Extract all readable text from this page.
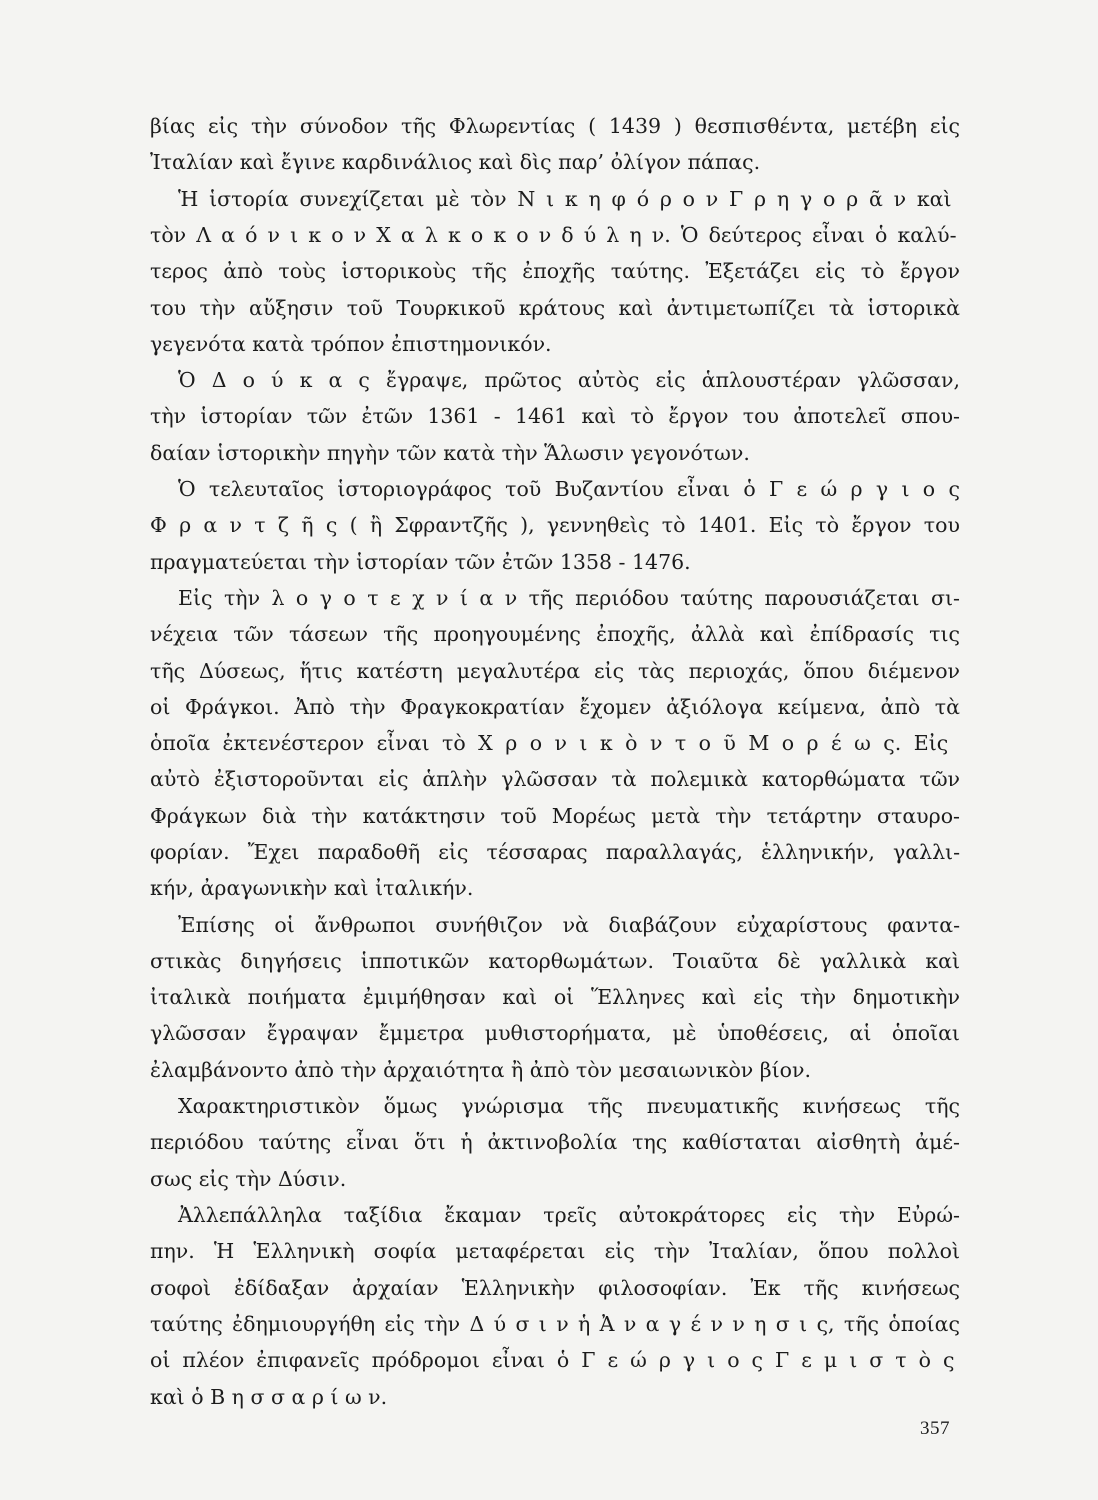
βίας εἰς τὴν σύνοδον τῆς Φλωρεντίας ( 1439 ) θεσπισθέντα, μετέβη εἰς
Ἰταλίαν καὶ ἔγινε καρδινάλιος καὶ δὶς παρ’ ὀλίγον πάπας.
Ἡ ἱστορία συνεχίζεται μὲ τὸν Ν ι κ η φ ό ρ ο ν Γ ρ η γ ο ρ ᾶ ν καὶ
τὸν Λ α ό ν ι κ ο ν Χ α λ κ ο κ ο ν δ ύ λ η ν. Ὁ δεύτερος εἶναι ὁ καλύ-
τερος ἀπὸ τοὺς ἱστορικοὺς τῆς ἐποχῆς ταύτης. Ἐξετάζει εἰς τὸ ἔργον
του τὴν αὔξησιν τοῦ Τουρκικοῦ κράτους καὶ ἀντιμετωπίζει τὰ ἱστορικὰ
γεγενότα κατὰ τρόπον ἐπιστημονικόν.
Ὁ Δ ο ύ κ α ς ἔγραψε, πρῶτος αὐτὸς εἰς ἁπλουστέραν γλῶσσαν,
τὴν ἱστορίαν τῶν ἐτῶν 1361 - 1461 καὶ τὸ ἔργον του ἀποτελεῖ σπου-
δαίαν ἱστορικὴν πηγὴν τῶν κατὰ τὴν Ἅλωσιν γεγονότων.
Ὁ τελευταῖος ἱστοριογράφος τοῦ Βυζαντίου εἶναι ὁ Γ ε ώ ρ γ ι ο ς
Φ ρ α ν τ ζ ῆ ς ( ἢ Σφραντζῆς ), γεννηθεὶς τὸ 1401. Εἰς τὸ ἔργον του
πραγματεύεται τὴν ἱστορίαν τῶν ἐτῶν 1358 - 1476.
Εἰς τὴν λ ο γ ο τ ε χ ν ί α ν τῆς περιόδου ταύτης παρουσιάζεται σι-
νέχεια τῶν τάσεων τῆς προηγουμένης ἐποχῆς, ἀλλὰ καὶ ἐπίδρασίς τις
τῆς Δύσεως, ἥτις κατέστη μεγαλυτέρα εἰς τὰς περιοχάς, ὅπου διέμενον
οἱ Φράγκοι. Ἀπὸ τὴν Φραγκοκρατίαν ἔχομεν ἀξιόλογα κείμενα, ἀπὸ τὰ
ὁποῖα ἐκτενέστερον εἶναι τὸ Χ ρ ο ν ι κ ὸ ν τ ο ῦ Μ ο ρ έ ω ς. Εἰς
αὐτὸ ἐξιστοροῦνται εἰς ἁπλὴν γλῶσσαν τὰ πολεμικὰ κατορθώματα τῶν
Φράγκων διὰ τὴν κατάκτησιν τοῦ Μορέως μετὰ τὴν τετάρτην σταυρο-
φορίαν. Ἔχει παραδοθῆ εἰς τέσσαρας παραλλαγάς, ἑλληνικήν, γαλλι-
κήν, ἀραγωνικὴν καὶ ἰταλικήν.
Ἐπίσης οἱ ἄνθρωποι συνήθιζον νὰ διαβάζουν εὐχαρίστους φαντα-
στικὰς διηγήσεις ἱπποτικῶν κατορθωμάτων. Τοιαῦτα δὲ γαλλικὰ καὶ
ἰταλικὰ ποιήματα ἐμιμήθησαν καὶ οἱ Ἕλληνες καὶ εἰς τὴν δημοτικὴν
γλῶσσαν ἔγραψαν ἔμμετρα μυθιστορήματα, μὲ ὑποθέσεις, αἱ ὁποῖαι
ἐλαμβάνοντο ἀπὸ τὴν ἀρχαιότητα ἢ ἀπὸ τὸν μεσαιωνικὸν βίον.
Χαρακτηριστικὸν ὅμως γνώρισμα τῆς πνευματικῆς κινήσεως τῆς
περιόδου ταύτης εἶναι ὅτι ἡ ἀκτινοβολία της καθίσταται αἰσθητὴ ἀμέ-
σως εἰς τὴν Δύσιν.
Ἀλλεπάλληλα ταξίδια ἔκαμαν τρεῖς αὐτοκράτορες εἰς τὴν Εὐρώ-
πην. Ἡ Ἑλληνικὴ σοφία μεταφέρεται εἰς τὴν Ἰταλίαν, ὅπου πολλοὶ
σοφοὶ ἐδίδαξαν ἀρχαίαν Ἑλληνικὴν φιλοσοφίαν. Ἐκ τῆς κινήσεως
ταύτης ἐδημιουργήθη εἰς τὴν Δ ύ σ ι ν ἡ Ἀ ν α γ έ ν ν η σ ι ς, τῆς ὁποίας
οἱ πλέον ἐπιφανεῖς πρόδρομοι εἶναι ὁ Γ ε ώ ρ γ ι ο ς Γ ε μ ι σ τ ὸ ς
καὶ ὁ Β η σ σ α ρ ί ω ν.
357
